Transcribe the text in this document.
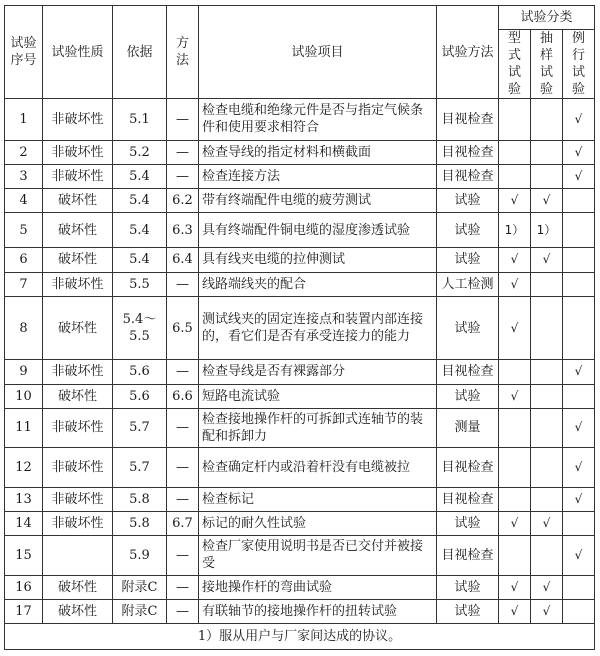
试验序号	试验性质	依据	方法	试验项目	试验方法	试验分类		
						型式试验	抽样试验	例行试验
1	非破坏性	5.1	—	检查电缆和绝缘元件是否与指定气候条件和使用要求相符合	目视检查			√
2	非破坏性	5.2	—	检查导线的指定材料和横截面	目视检查			√
3	非破坏性	5.4	—	检查连接方法	目视检查			√
4	破坏性	5.4	6.2	带有终端配件电缆的疲劳测试	试验	√	√	
5	破坏性	5.4	6.3	具有终端配件铜电缆的湿度渗透试验	试验	1）	1）	
6	破坏性	5.4	6.4	具有线夹电缆的拉伸测试	试验	√	√	
7	非破坏性	5.5	—	线路端线夹的配合	人工检测	√		
8	破坏性	5.4～5.5	6.5	测试线夹的固定连接点和装置内部连接的，看它们是否有承受连接力的能力	试验	√		
9	非破坏性	5.6	—	检查导线是否有裸露部分	目视检查			√
10	破坏性	5.6	6.6	短路电流试验	试验	√		
11	非破坏性	5.7	—	检查接地操作杆的可拆卸式连轴节的装配和拆卸力	测量			√
12	非破坏性	5.7	—	检查确定杆内或沿着杆没有电缆被拉	目视检查			√
13	非破坏性	5.8	—	检查标记	目视检查			√
14	非破坏性	5.8	6.7	标记的耐久性试验	试验	√	√	
15		5.9	—	检查厂家使用说明书是否已交付并被接受	目视检查			√
16	破坏性	附录C	—	接地操作杆的弯曲试验	试验	√	√	
17	破坏性	附录C	—	有联轴节的接地操作杆的扭转试验	试验	√	√	
1）服从用户与厂家间达成的协议。								
